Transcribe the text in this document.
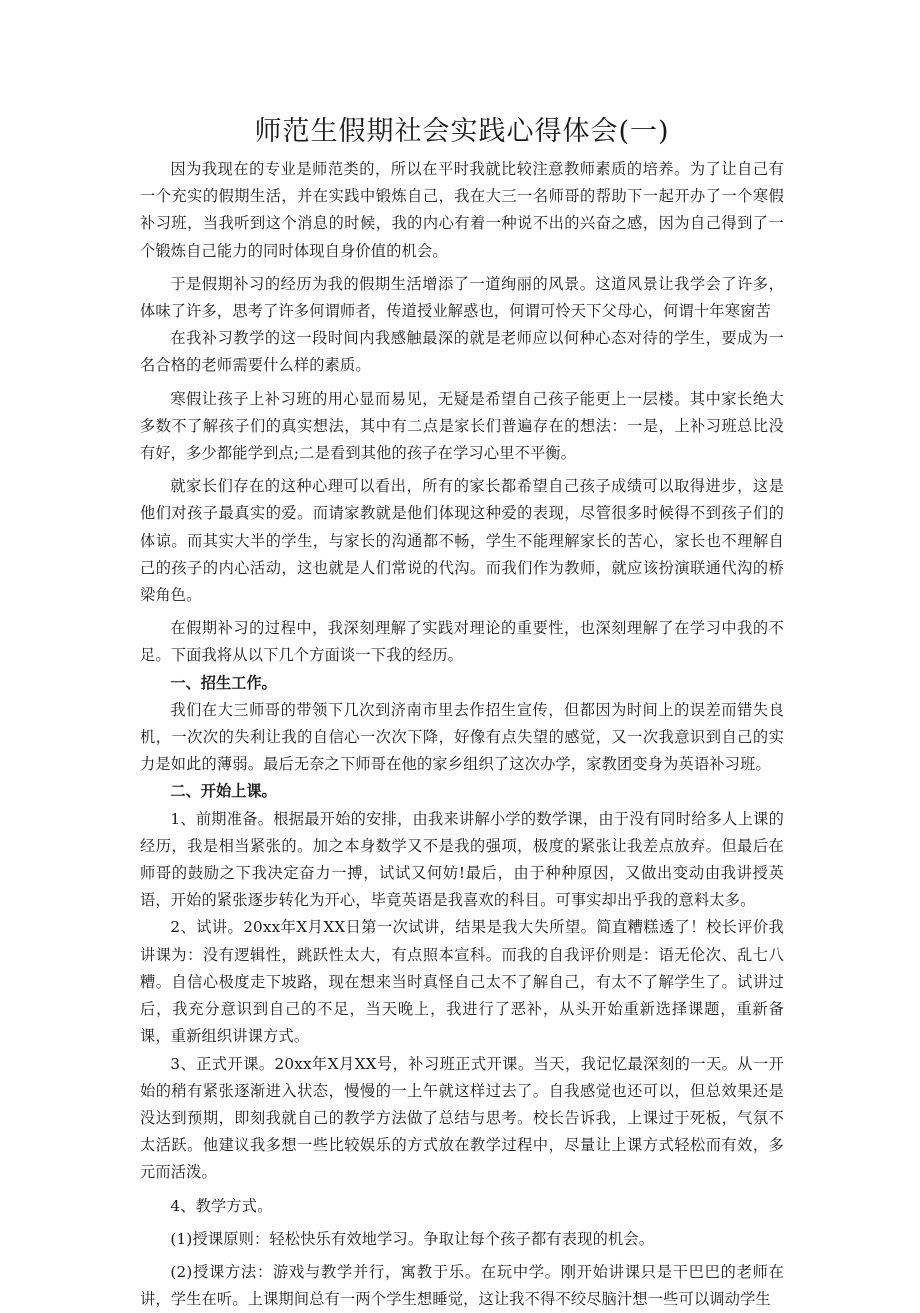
师范生假期社会实践心得体会(一)

因为我现在的专业是师范类的，所以在平时我就比较注意教师素质的培养。为了让自己有一个充实的假期生活，并在实践中锻炼自己，我在大三一名师哥的帮助下一起开办了一个寒假补习班，当我听到这个消息的时候，我的内心有着一种说不出的兴奋之感，因为自己得到了一个锻炼自己能力的同时体现自身价值的机会。

于是假期补习的经历为我的假期生活增添了一道绚丽的风景。这道风景让我学会了许多，体味了许多，思考了许多何谓师者，传道授业解惑也，何谓可怜天下父母心，何谓十年寒窗苦

在我补习教学的这一段时间内我感触最深的就是老师应以何种心态对待的学生，要成为一名合格的老师需要什么样的素质。

寒假让孩子上补习班的用心显而易见，无疑是希望自己孩子能更上一层楼。其中家长绝大多数不了解孩子们的真实想法，其中有二点是家长们普遍存在的想法：一是，上补习班总比没有好，多少都能学到点;二是看到其他的孩子在学习心里不平衡。

就家长们存在的这种心理可以看出，所有的家长都希望自己孩子成绩可以取得进步，这是他们对孩子最真实的爱。而请家教就是他们体现这种爱的表现，尽管很多时候得不到孩子们的体谅。而其实大半的学生，与家长的沟通都不畅，学生不能理解家长的苦心，家长也不理解自己的孩子的内心活动，这也就是人们常说的代沟。而我们作为教师，就应该扮演联通代沟的桥梁角色。

在假期补习的过程中，我深刻理解了实践对理论的重要性，也深刻理解了在学习中我的不足。下面我将从以下几个方面谈一下我的经历。

一、招生工作。

我们在大三师哥的带领下几次到济南市里去作招生宣传，但都因为时间上的误差而错失良机，一次次的失利让我的自信心一次次下降，好像有点失望的感觉，又一次我意识到自己的实力是如此的薄弱。最后无奈之下师哥在他的家乡组织了这次办学，家教团变身为英语补习班。

二、开始上课。

1、前期准备。根据最开始的安排，由我来讲解小学的数学课，由于没有同时给多人上课的经历，我是相当紧张的。加之本身数学又不是我的强项，极度的紧张让我差点放弃。但最后在师哥的鼓励之下我决定奋力一搏，试试又何妨!最后，由于种种原因，又做出变动由我讲授英语，开始的紧张逐步转化为开心，毕竟英语是我喜欢的科目。可事实却出乎我的意料太多。

2、试讲。20xx年X月XX日第一次试讲，结果是我大失所望。简直糟糕透了！校长评价我讲课为：没有逻辑性，跳跃性太大，有点照本宣科。而我的自我评价则是：语无伦次、乱七八糟。自信心极度走下坡路，现在想来当时真怪自己太不了解自己，有太不了解学生了。试讲过后，我充分意识到自己的不足，当天晚上，我进行了恶补，从头开始重新选择课题，重新备课，重新组织讲课方式。

3、正式开课。20xx年X月XX号，补习班正式开课。当天，我记忆最深刻的一天。从一开始的稍有紧张逐渐进入状态，慢慢的一上午就这样过去了。自我感觉也还可以，但总效果还是没达到预期，即刻我就自己的教学方法做了总结与思考。校长告诉我，上课过于死板，气氛不太活跃。他建议我多想一些比较娱乐的方式放在教学过程中，尽量让上课方式轻松而有效，多元而活泼。

4、教学方式。

(1)授课原则：轻松快乐有效地学习。争取让每个孩子都有表现的机会。

(2)授课方法：游戏与教学并行，寓教于乐。在玩中学。刚开始讲课只是干巴巴的老师在讲，学生在听。上课期间总有一两个学生想睡觉，这让我不得不绞尽脑汁想一些可以调动学生
